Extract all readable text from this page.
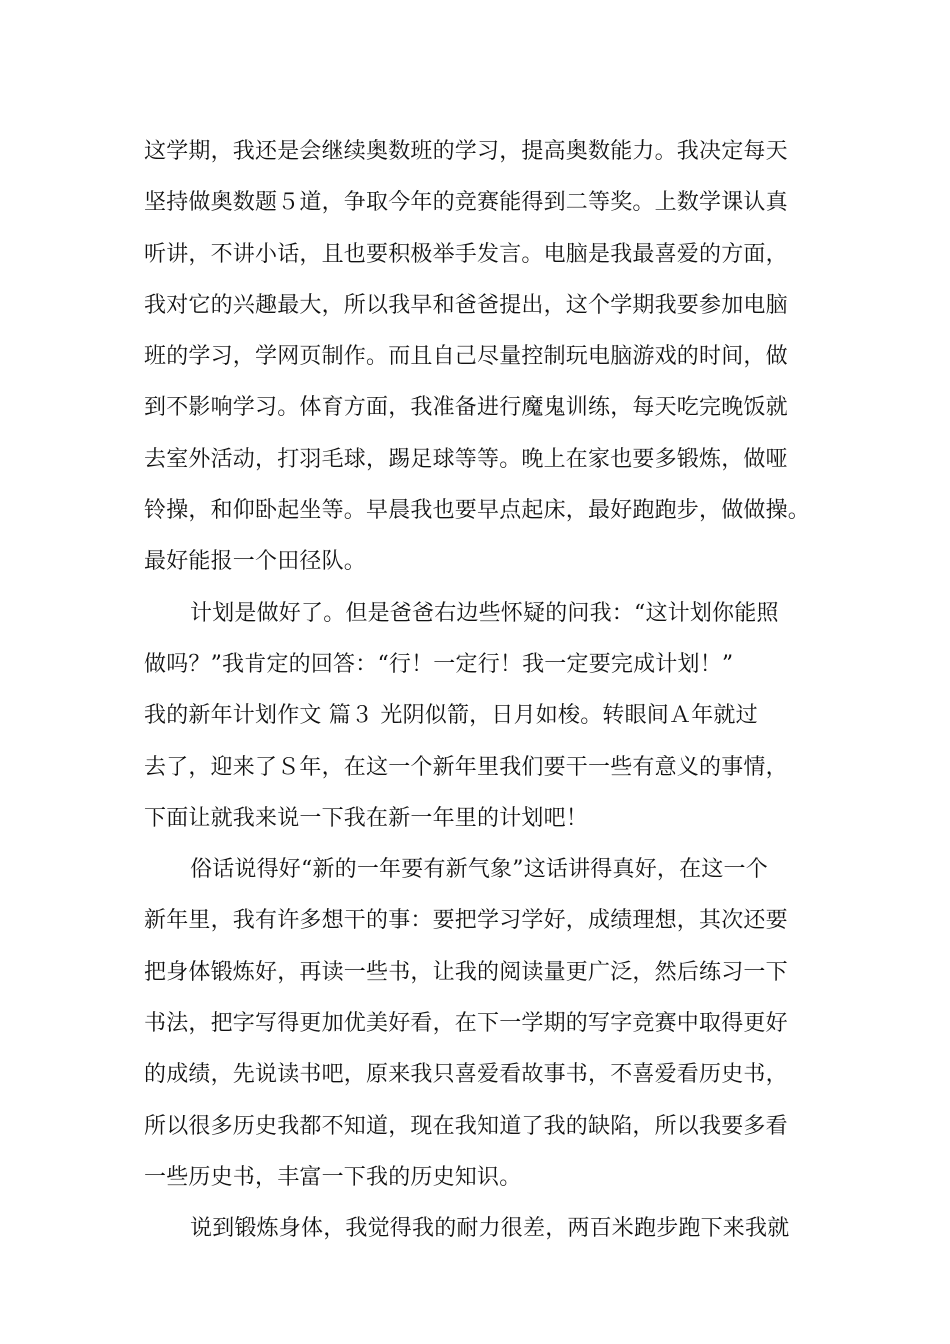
这学期，我还是会继续奥数班的学习，提高奥数能力。我决定每天
坚持做奥数题５道，争取今年的竞赛能得到二等奖。上数学课认真
听讲，不讲小话，且也要积极举手发言。电脑是我最喜爱的方面，
我对它的兴趣最大，所以我早和爸爸提出，这个学期我要参加电脑
班的学习，学网页制作。而且自己尽量控制玩电脑游戏的时间，做
到不影响学习。体育方面，我准备进行魔鬼训练，每天吃完晚饭就
去室外活动，打羽毛球，踢足球等等。晚上在家也要多锻炼，做哑
铃操，和仰卧起坐等。早晨我也要早点起床，最好跑跑步，做做操。
最好能报一个田径队。
计划是做好了。但是爸爸右边些怀疑的问我：“这计划你能照
做吗？”我肯定的回答：“行！一定行！我一定要完成计划！”
我的新年计划作文 篇３ 光阴似箭，日月如梭。转眼间Ａ年就过
去了，迎来了Ｓ年，在这一个新年里我们要干一些有意义的事情，
下面让就我来说一下我在新一年里的计划吧！
俗话说得好“新的一年要有新气象”这话讲得真好，在这一个
新年里，我有许多想干的事：要把学习学好，成绩理想，其次还要
把身体锻炼好，再读一些书，让我的阅读量更广泛，然后练习一下
书法，把字写得更加优美好看，在下一学期的写字竞赛中取得更好
的成绩，先说读书吧，原来我只喜爱看故事书，不喜爱看历史书，
所以很多历史我都不知道，现在我知道了我的缺陷，所以我要多看
一些历史书，丰富一下我的历史知识。
说到锻炼身体，我觉得我的耐力很差，两百米跑步跑下来我就
